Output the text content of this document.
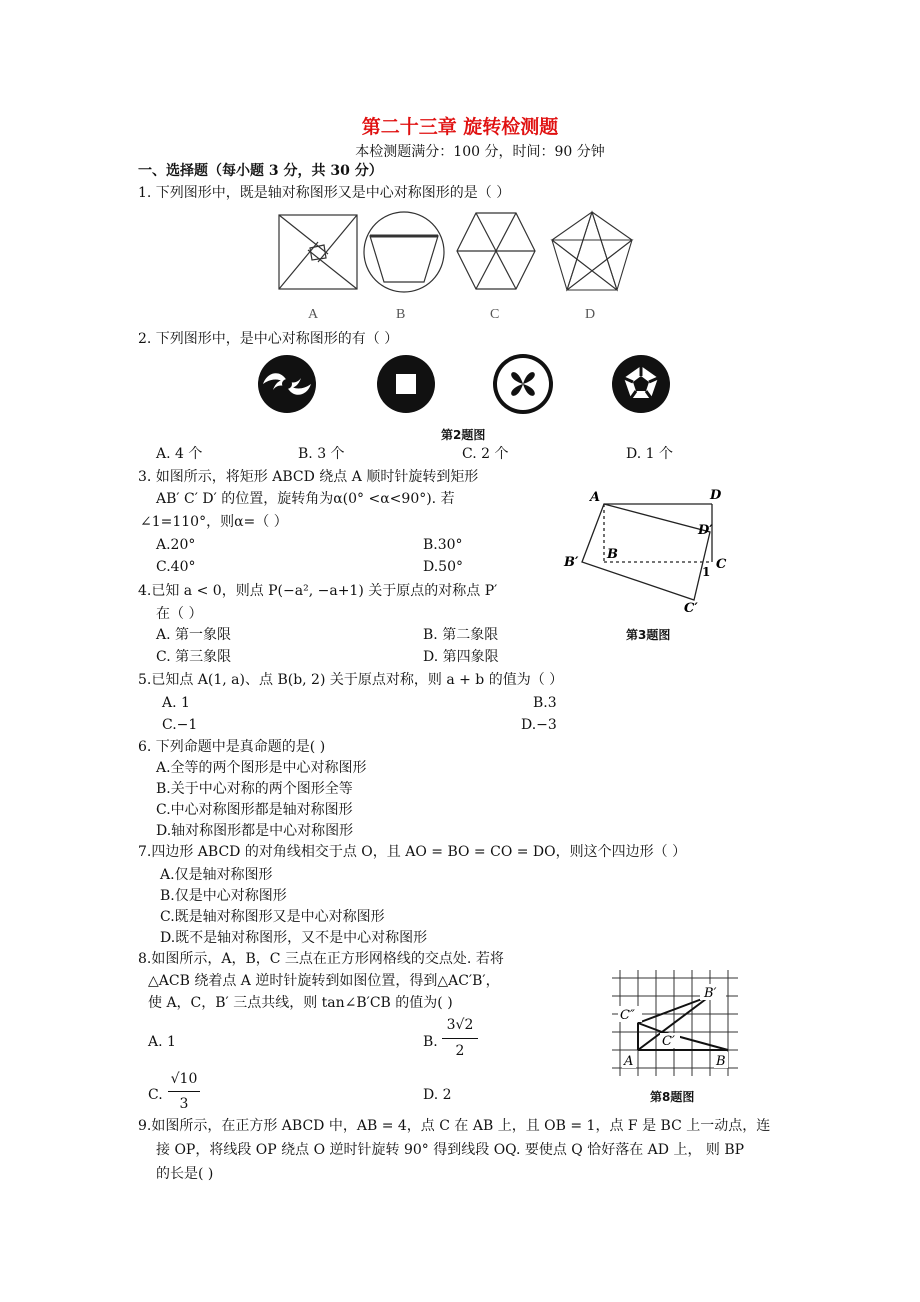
第二十三章 旋转检测题
本检测题满分：100 分，时间：90 分钟
一、选择题（每小题 3 分，共 30 分）
1. 下列图形中，既是轴对称图形又是中心对称图形的是（ ）
A	B	C	D
2. 下列图形中，是中心对称图形的有（ ）
第2题图
A. 4 个	B. 3 个	C. 2 个	D. 1 个
3. 如图所示，将矩形 ABCD 绕点 A 顺时针旋转到矩形
AB′ C′ D′ 的位置，旋转角为α(0° <α<90°). 若
∠1=110°，则α=（ ）
A.20°	B.30°
C.40°	D.50°
A	D
D′
B
B′	C
1
C′
第3题图
4.已知 a < 0，则点 P(−a², −a+1) 关于原点的对称点 P′
在（ ）
A. 第一象限	B. 第二象限
C. 第三象限	D. 第四象限
5.已知点 A(1, a)、点 B(b, 2) 关于原点对称，则 a + b 的值为（ ）
A. 1	B.3
C.−1	D.−3
6. 下列命题中是真命题的是( )
A.全等的两个图形是中心对称图形
B.关于中心对称的两个图形全等
C.中心对称图形都是轴对称图形
D.轴对称图形都是中心对称图形
7.四边形 ABCD 的对角线相交于点 O，且 AO = BO = CO = DO，则这个四边形（ ）
A.仅是轴对称图形
B.仅是中心对称图形
C.既是轴对称图形又是中心对称图形
D.既不是轴对称图形，又不是中心对称图形
8.如图所示，A，B，C 三点在正方形网格线的交点处. 若将
△ACB 绕着点 A 逆时针旋转到如图位置，得到△AC′B′，
使 A，C，B′ 三点共线，则 tan∠B′CB 的值为( )
A. 1	B.
3√2
2
C.
√10
3
D. 2
B′
C″
C′
A	B
第8题图
9.如图所示，在正方形 ABCD 中，AB = 4，点 C 在 AB 上，且 OB = 1，点 F 是 BC 上一动点，连
接 OP，将线段 OP 绕点 O 逆时针旋转 90° 得到线段 OQ. 要使点 Q 恰好落在 AD 上， 则 BP
的长是( )
